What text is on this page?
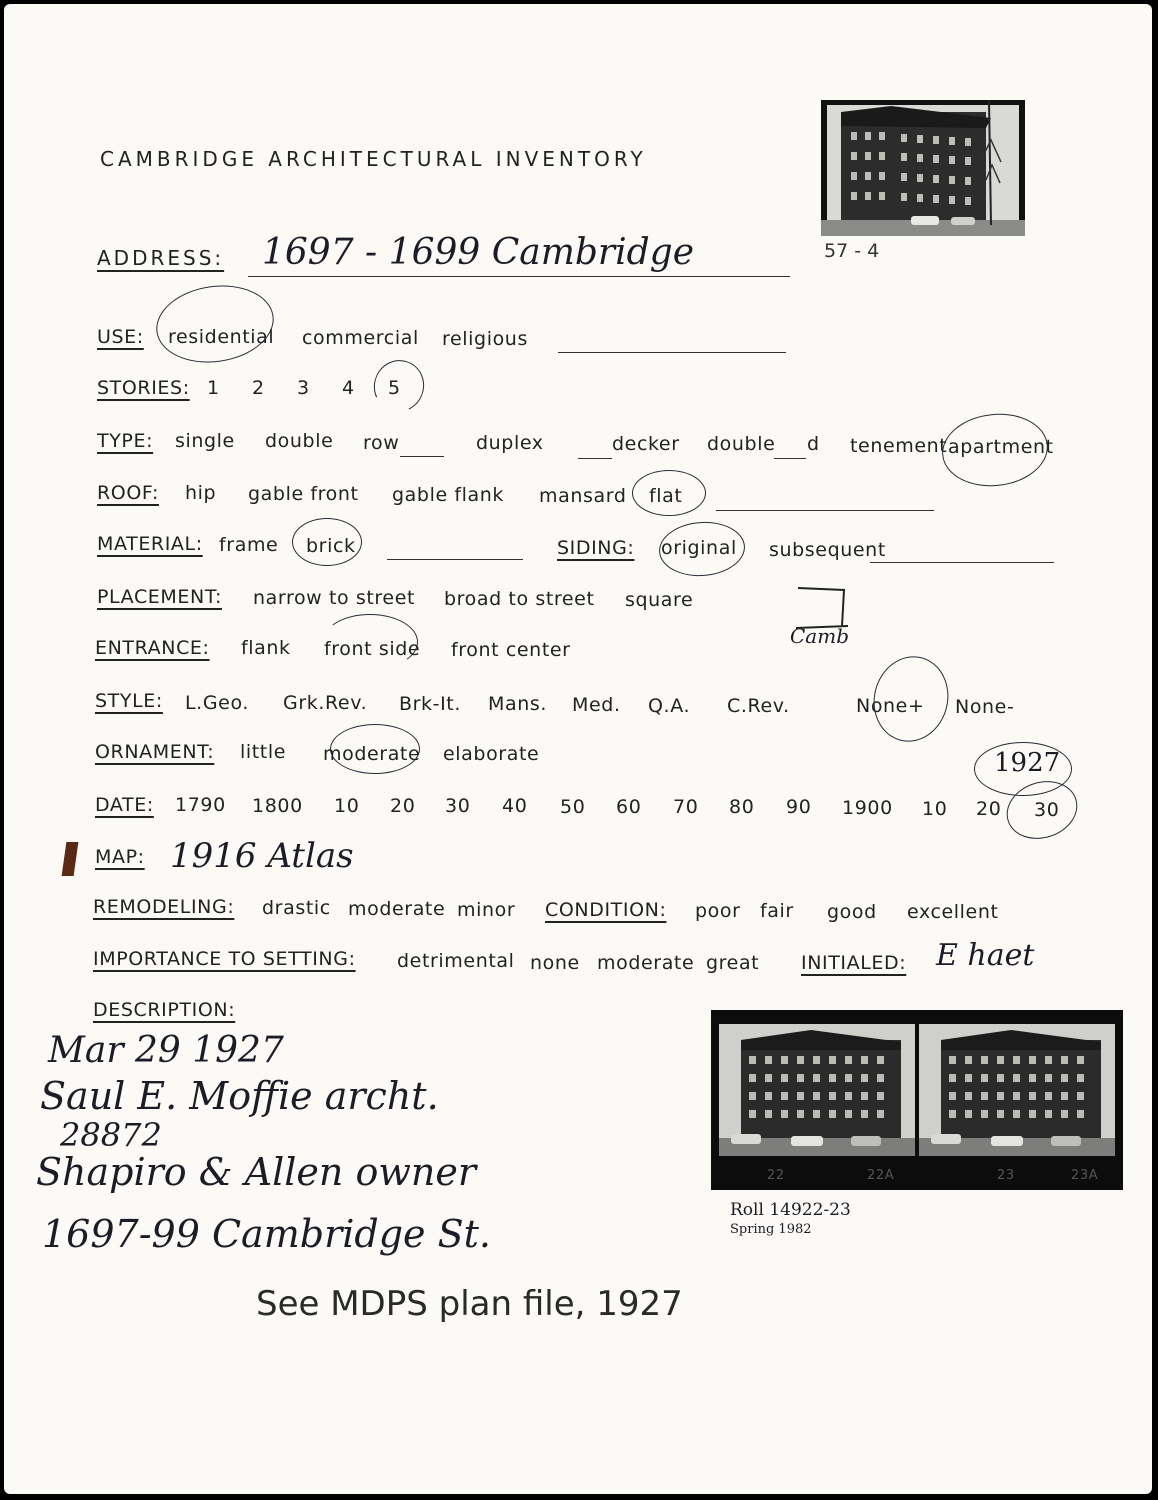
CAMBRIDGE ARCHITECTURAL INVENTORY
57 - 4
ADDRESS: 1697 - 1699 Cambridge
USE: residential commercial religious
STORIES: 1 2 3 4 5
TYPE: single double row	duplex	decker double d tenement apartment
ROOF: hip gable front gable flank mansard flat
MATERIAL: frame brick	SIDING: original subsequent
PLACEMENT: narrow to street broad to street square
Camb
ENTRANCE: flank front side front center
STYLE: L.Geo. Grk.Rev. Brk-It. Mans. Med. Q.A. C.Rev.	None+ None-
ORNAMENT: little moderate elaborate
DATE: 1790 1800 10 20 30 40 50 60 70 80 90 1900 10 20 30
1927
MAP: 1916 Atlas
REMODELING: drastic moderate minor CONDITION: poor fair good excellent
IMPORTANCE TO SETTING: detrimental none moderate great INITIALED: E haet
DESCRIPTION:
Mar 29 1927
Saul E. Moffie archt.
28872
Shapiro & Allen owner
1697-99 Cambridge St.
See MDPS plan file, 1927
22	22A	23	23A
Roll 14922-23
Spring 1982
